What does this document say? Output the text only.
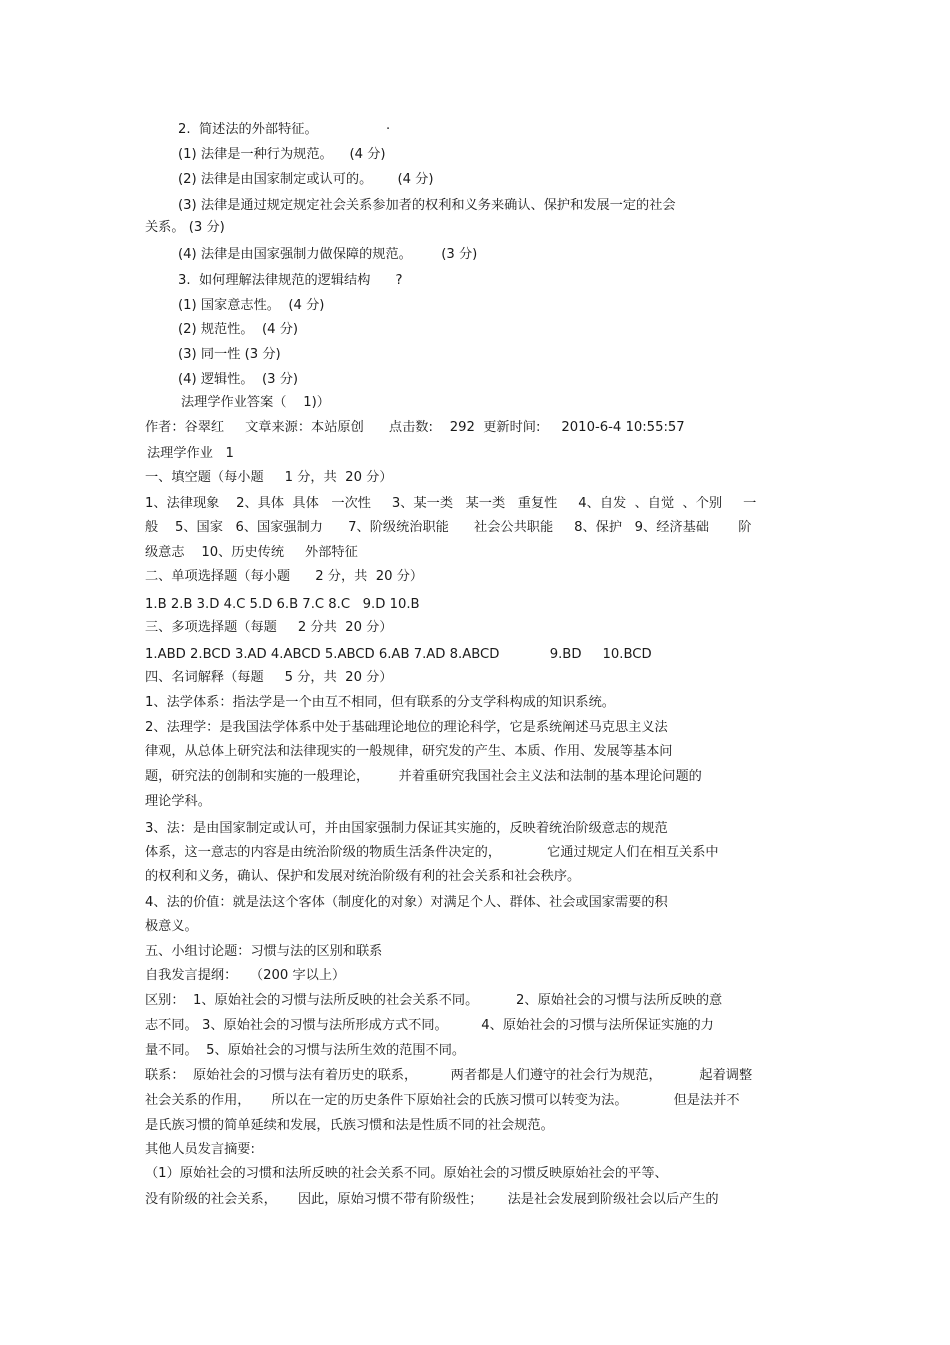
·
2.  简述法的外部特征。
(1) 法律是一种行为规范。    (4 分)
(2) 法律是由国家制定或认可的。      (4 分)
(3) 法律是通过规定规定社会关系参加者的权利和义务来确认、保护和发展一定的社会
关系。 (3 分)
(4) 法律是由国家强制力做保障的规范。       (3 分)
3.  如何理解法律规范的逻辑结构      ?
(1) 国家意志性。  (4 分)
(2) 规范性。  (4 分)
(3) 同一性 (3 分)
(4) 逻辑性。  (3 分)
法理学作业答案（    1)）
作者：谷翠红     文章来源：本站原创      点击数:    292  更新时间:     2010-6-4 10:55:57
法理学作业   1
一、填空题（每小题     1 分，共  20 分）
1、法律现象    2、具体  具体   一次性     3、某一类   某一类   重复性     4、自发  、自觉  、个别     一
般    5、国家   6、国家强制力      7、阶级统治职能      社会公共职能     8、保护   9、经济基础       阶
级意志    10、历史传统     外部特征
二、单项选择题（每小题      2 分，共  20 分）
1.B 2.B 3.D 4.C 5.D 6.B 7.C 8.C   9.D 10.B
三、多项选择题（每题     2 分共  20 分）
1.ABD 2.BCD 3.AD 4.ABCD 5.ABCD 6.AB 7.AD 8.ABCD            9.BD     10.BCD
四、名词解释（每题     5 分，共  20 分）
1、法学体系：指法学是一个由互不相同，但有联系的分支学科构成的知识系统。
2、法理学：是我国法学体系中处于基础理论地位的理论科学，它是系统阐述马克思主义法
律观，从总体上研究法和法律现实的一般规律，研究发的产生、本质、作用、发展等基本问
题，研究法的创制和实施的一般理论，       并着重研究我国社会主义法和法制的基本理论问题的
理论学科。
3、法：是由国家制定或认可，并由国家强制力保证其实施的，反映着统治阶级意志的规范
体系，这一意志的内容是由统治阶级的物质生活条件决定的，           它通过规定人们在相互关系中
的权利和义务，确认、保护和发展对统治阶级有利的社会关系和社会秩序。
4、法的价值：就是法这个客体（制度化的对象）对满足个人、群体、社会或国家需要的积
极意义。
五、小组讨论题：习惯与法的区别和联系
自我发言提纲：   （200 字以上）
区别：  1、原始社会的习惯与法所反映的社会关系不同。         2、原始社会的习惯与法所反映的意
志不同。 3、原始社会的习惯与法所形成方式不同。        4、原始社会的习惯与法所保证实施的力
量不同。  5、原始社会的习惯与法所生效的范围不同。
联系：  原始社会的习惯与法有着历史的联系，        两者都是人们遵守的社会行为规范，         起着调整
社会关系的作用，     所以在一定的历史条件下原始社会的氏族习惯可以转变为法。           但是法并不
是氏族习惯的简单延续和发展，氏族习惯和法是性质不同的社会规范。
其他人员发言摘要:
（1）原始社会的习惯和法所反映的社会关系不同。原始社会的习惯反映原始社会的平等、
没有阶级的社会关系，     因此，原始习惯不带有阶级性；      法是社会发展到阶级社会以后产生的
